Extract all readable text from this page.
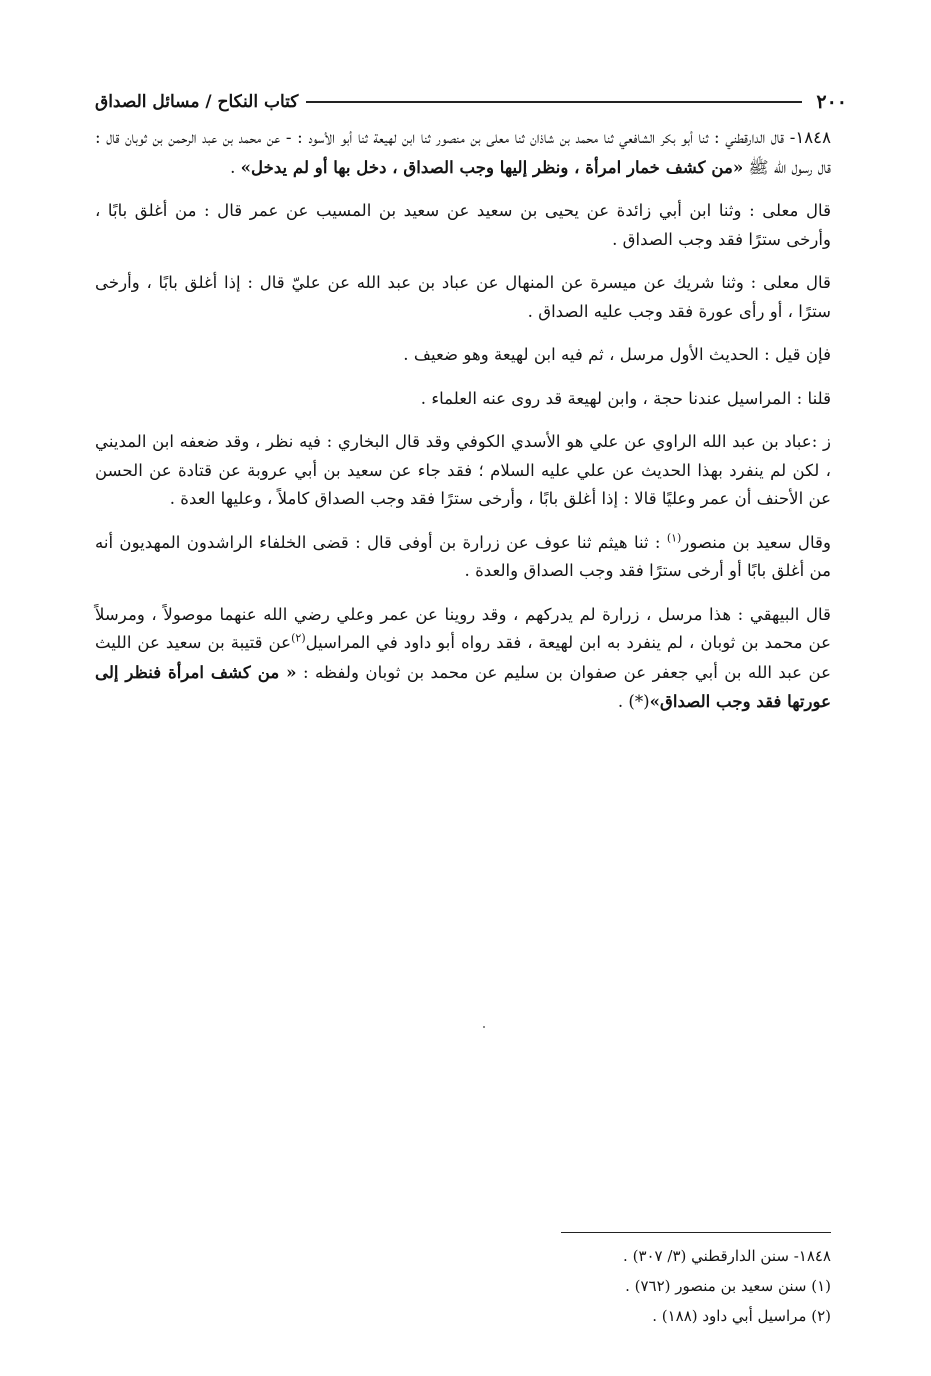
٢٠٠
كتاب النكاح / مسائل الصداق

١٨٤٨- قال الدارقطني : ثنا أبو بكر الشافعي ثنا محمد بن شاذان ثنا معلى بن منصور ثنا ابن لهيعة ثنا أبو الأسود : - عن محمد بن عبد الرحمن بن ثوبان قال : قال رسول الله ﷺ «من كشف خمار امرأة ، ونظر إليها وجب الصداق ، دخل بها أو لم يدخل» .

قال معلى : وثنا ابن أبي زائدة عن يحيى بن سعيد عن سعيد بن المسيب عن عمر قال : من أغلق بابًا ، وأرخى سترًا فقد وجب الصداق .

قال معلى : وثنا شريك عن ميسرة عن المنهال عن عباد بن عبد الله عن عليّ قال : إذا أغلق بابًا ، وأرخى سترًا ، أو رأى عورة فقد وجب عليه الصداق .

فإن قيل : الحديث الأول مرسل ، ثم فيه ابن لهيعة وهو ضعيف .

قلنا : المراسيل عندنا حجة ، وابن لهيعة قد روى عنه العلماء .

ز :عباد بن عبد الله الراوي عن علي هو الأسدي الكوفي وقد قال البخاري : فيه نظر ، وقد ضعفه ابن المديني ، لكن لم ينفرد بهذا الحديث عن علي عليه السلام ؛ فقد جاء عن سعيد بن أبي عروبة عن قتادة عن الحسن عن الأحنف أن عمر وعليًا قالا : إذا أغلق بابًا ، وأرخى سترًا فقد وجب الصداق كاملاً ، وعليها العدة .

وقال سعيد بن منصور$^{(١)}$ : ثنا هيثم ثنا عوف عن زرارة بن أوفى قال : قضى الخلفاء الراشدون المهديون أنه من أغلق بابًا أو أرخى سترًا فقد وجب الصداق والعدة .

قال البيهقي : هذا مرسل ، زرارة لم يدركهم ، وقد روينا عن عمر وعلي رضي الله عنهما موصولاً ، ومرسلاً عن محمد بن ثوبان ، لم ينفرد به ابن لهيعة ، فقد رواه أبو داود في المراسيل$^{(٢)}$عن قتيبة بن سعيد عن الليث عن عبد الله بن أبي جعفر عن صفوان بن سليم عن محمد بن ثوبان ولفظه : « من كشف امرأة فنظر إلى عورتها فقد وجب الصداق»(*) .

١٨٤٨- سنن الدارقطني (٣/ ٣٠٧) .

(١) سنن سعيد بن منصور (٧٦٢) .

(٢) مراسيل أبي داود (١٨٨) .
